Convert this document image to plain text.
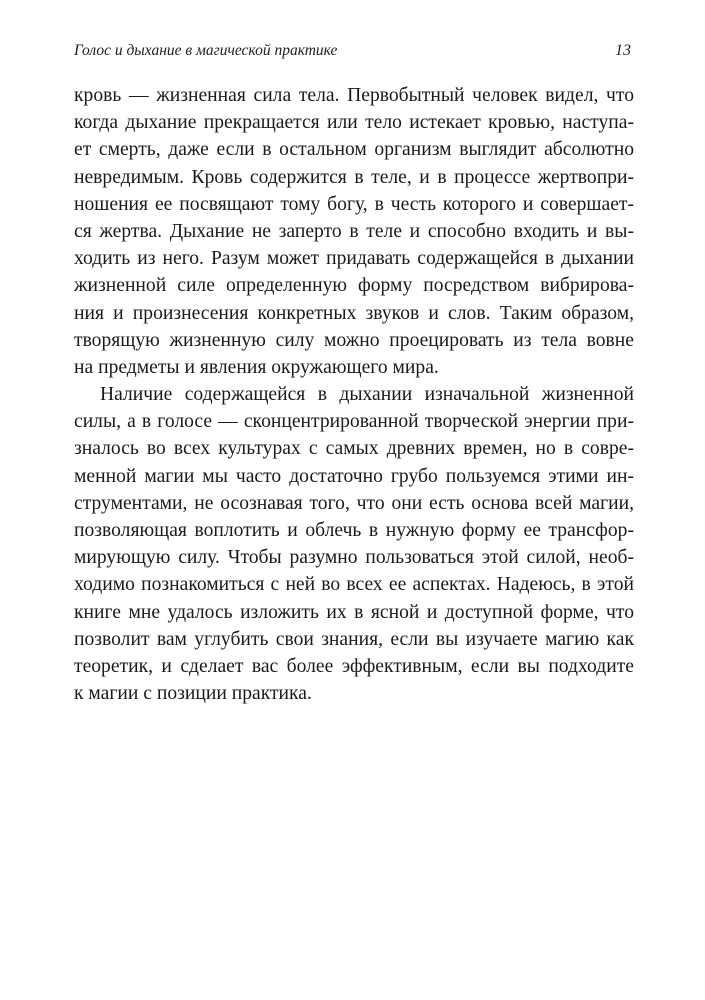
Голос и дыхание в магической практике	13
кровь — жизненная сила тела. Первобытный человек видел, что
когда дыхание прекращается или тело истекает кровью, наступа-
ет смерть, даже если в остальном организм выглядит абсолютно
невредимым. Кровь содержится в теле, и в процессе жертвопри-
ношения ее посвящают тому богу, в честь которого и совершает-
ся жертва. Дыхание не заперто в теле и способно входить и вы-
ходить из него. Разум может придавать содержащейся в дыхании
жизненной силе определенную форму посредством вибрирова-
ния и произнесения конкретных звуков и слов. Таким образом,
творящую жизненную силу можно проецировать из тела вовне
на предметы и явления окружающего мира.
Наличие содержащейся в дыхании изначальной жизненной
силы, а в голосе — сконцентрированной творческой энергии при-
зналось во всех культурах с самых древних времен, но в совре-
менной магии мы часто достаточно грубо пользуемся этими ин-
струментами, не осознавая того, что они есть основа всей магии,
позволяющая воплотить и облечь в нужную форму ее трансфор-
мирующую силу. Чтобы разумно пользоваться этой силой, необ-
ходимо познакомиться с ней во всех ее аспектах. Надеюсь, в этой
книге мне удалось изложить их в ясной и доступной форме, что
позволит вам углубить свои знания, если вы изучаете магию как
теоретик, и сделает вас более эффективным, если вы подходите
к магии с позиции практика.
